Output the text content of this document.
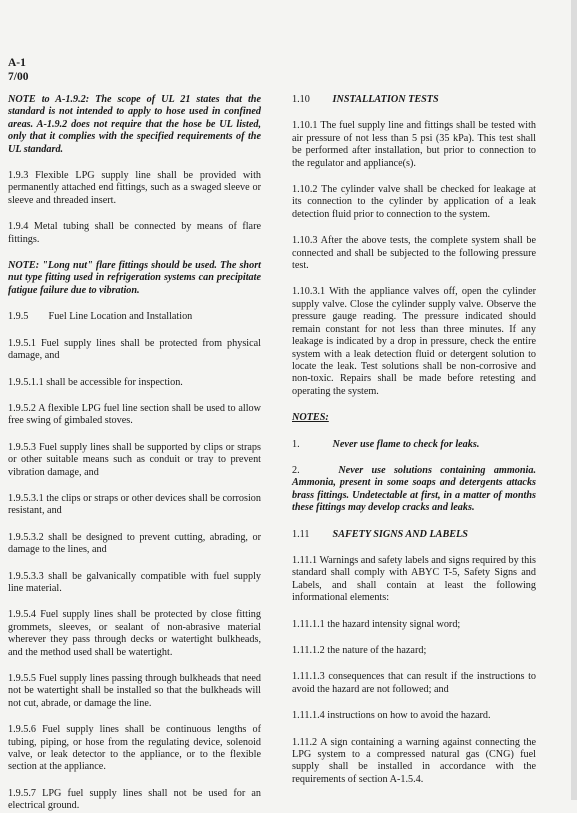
A-1
7/00

NOTE to A-1.9.2: The scope of UL 21 states that the standard is not intended to apply to hose used in confined areas. A-1.9.2 does not require that the hose be UL listed, only that it complies with the specified requirements of the UL standard.

1.9.3 Flexible LPG supply line shall be provided with permanently attached end fittings, such as a swaged sleeve or sleeve and threaded insert.

1.9.4 Metal tubing shall be connected by means of flare fittings.

NOTE: "Long nut" flare fittings should be used. The short nut type fitting used in refrigeration systems can precipitate fatigue failure due to vibration.

1.9.5 Fuel Line Location and Installation

1.9.5.1 Fuel supply lines shall be protected from physical damage, and

1.9.5.1.1 shall be accessible for inspection.

1.9.5.2 A flexible LPG fuel line section shall be used to allow free swing of gimbaled stoves.

1.9.5.3 Fuel supply lines shall be supported by clips or straps or other suitable means such as conduit or tray to prevent vibration damage, and

1.9.5.3.1 the clips or straps or other devices shall be corrosion resistant, and

1.9.5.3.2 shall be designed to prevent cutting, abrading, or damage to the lines, and

1.9.5.3.3 shall be galvanically compatible with fuel supply line material.

1.9.5.4 Fuel supply lines shall be protected by close fitting grommets, sleeves, or sealant of non-abrasive material wherever they pass through decks or watertight bulkheads, and the method used shall be watertight.

1.9.5.5 Fuel supply lines passing through bulkheads that need not be watertight shall be installed so that the bulkheads will not cut, abrade, or damage the line.

1.9.5.6 Fuel supply lines shall be continuous lengths of tubing, piping, or hose from the regulating device, solenoid valve, or leak detector to the appliance, or to the flexible section at the appliance.

1.9.5.7 LPG fuel supply lines shall not be used for an electrical ground.

1.10 INSTALLATION TESTS

1.10.1 The fuel supply line and fittings shall be tested with air pressure of not less than 5 psi (35 kPa). This test shall be performed after installation, but prior to connection to the regulator and appliance(s).

1.10.2 The cylinder valve shall be checked for leakage at its connection to the cylinder by application of a leak detection fluid prior to connection to the system.

1.10.3 After the above tests, the complete system shall be connected and shall be subjected to the following pressure test.

1.10.3.1 With the appliance valves off, open the cylinder supply valve. Close the cylinder supply valve. Observe the pressure gauge reading. The pressure indicated should remain constant for not less than three minutes. If any leakage is indicated by a drop in pressure, check the entire system with a leak detection fluid or detergent solution to locate the leak. Test solutions shall be non-corrosive and non-toxic. Repairs shall be made before retesting and operating the system.

NOTES:

1.	Never use flame to check for leaks.

2.	Never use solutions containing ammonia. Ammonia, present in some soaps and detergents attacks brass fittings. Undetectable at first, in a matter of months these fittings may develop cracks and leaks.

1.11 SAFETY SIGNS AND LABELS

1.11.1 Warnings and safety labels and signs required by this standard shall comply with ABYC T-5, Safety Signs and Labels, and shall contain at least the following informational elements:

1.11.1.1 the hazard intensity signal word;

1.11.1.2 the nature of the hazard;

1.11.1.3 consequences that can result if the instructions to avoid the hazard are not followed; and

1.11.1.4 instructions on how to avoid the hazard.

1.11.2 A sign containing a warning against connecting the LPG system to a compressed natural gas (CNG) fuel supply shall be installed in accordance with the requirements of section A-1.5.4.
